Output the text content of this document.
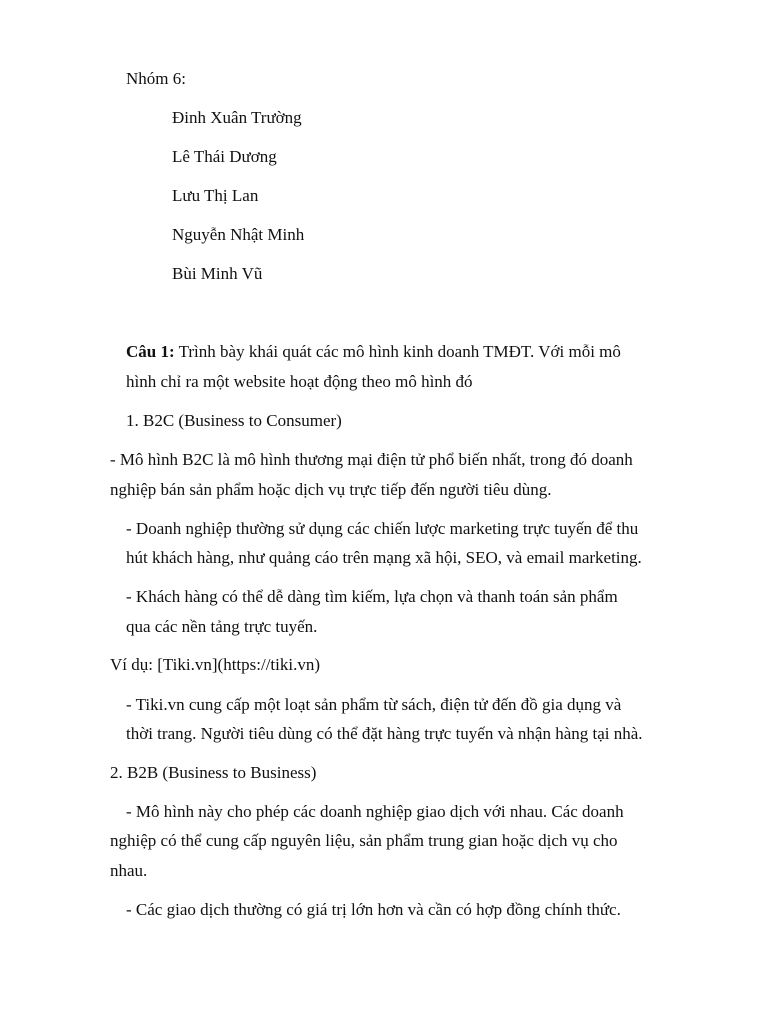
Nhóm 6:
Đinh Xuân Trường
Lê Thái Dương
Lưu Thị Lan
Nguyễn Nhật Minh
Bùi Minh Vũ
Câu 1: Trình bày khái quát các mô hình kinh doanh TMĐT. Với mỗi mô
hình chỉ ra một website hoạt động theo mô hình đó
1. B2C (Business to Consumer)
- Mô hình B2C là mô hình thương mại điện tử phổ biến nhất, trong đó doanh
nghiệp bán sản phẩm hoặc dịch vụ trực tiếp đến người tiêu dùng.
- Doanh nghiệp thường sử dụng các chiến lược marketing trực tuyến để thu
hút khách hàng, như quảng cáo trên mạng xã hội, SEO, và email marketing.
- Khách hàng có thể dễ dàng tìm kiếm, lựa chọn và thanh toán sản phẩm
qua các nền tảng trực tuyến.
Ví dụ: [Tiki.vn](https://tiki.vn)
- Tiki.vn cung cấp một loạt sản phẩm từ sách, điện tử đến đồ gia dụng và
thời trang. Người tiêu dùng có thể đặt hàng trực tuyến và nhận hàng tại nhà.
2. B2B (Business to Business)
- Mô hình này cho phép các doanh nghiệp giao dịch với nhau. Các doanh
nghiệp có thể cung cấp nguyên liệu, sản phẩm trung gian hoặc dịch vụ cho
nhau.
- Các giao dịch thường có giá trị lớn hơn và cần có hợp đồng chính thức.
